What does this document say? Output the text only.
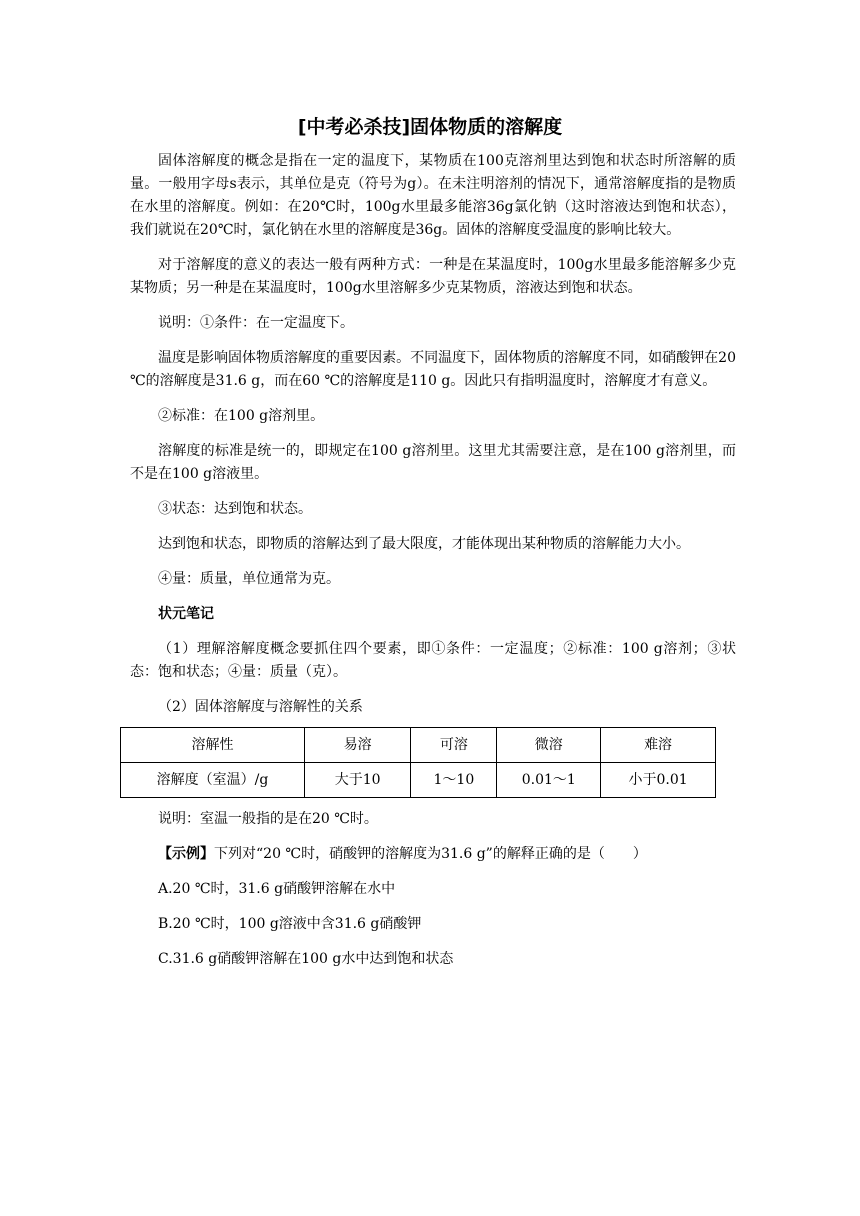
[中考必杀技]固体物质的溶解度

固体溶解度的概念是指在一定的温度下，某物质在100克溶剂里达到饱和状态时所溶解的质量。一般用字母s表示，其单位是克（符号为g）。在未注明溶剂的情况下，通常溶解度指的是物质在水里的溶解度。例如：在20℃时，100g水里最多能溶36g氯化钠（这时溶液达到饱和状态），我们就说在20℃时，氯化钠在水里的溶解度是36g。固体的溶解度受温度的影响比较大。

对于溶解度的意义的表达一般有两种方式：一种是在某温度时，100g水里最多能溶解多少克某物质；另一种是在某温度时，100g水里溶解多少克某物质，溶液达到饱和状态。

说明：①条件：在一定温度下。

温度是影响固体物质溶解度的重要因素。不同温度下，固体物质的溶解度不同，如硝酸钾在20 ℃的溶解度是31.6 g，而在60 ℃的溶解度是110 g。因此只有指明温度时，溶解度才有意义。

②标准：在100 g溶剂里。

溶解度的标准是统一的，即规定在100 g溶剂里。这里尤其需要注意，是在100 g溶剂里，而不是在100 g溶液里。

③状态：达到饱和状态。

达到饱和状态，即物质的溶解达到了最大限度，才能体现出某种物质的溶解能力大小。

④量：质量，单位通常为克。

状元笔记

（1）理解溶解度概念要抓住四个要素，即①条件：一定温度；②标准：100 g溶剂；③状态：饱和状态；④量：质量（克）。

（2）固体溶解度与溶解性的关系

溶解性	易溶	可溶	微溶	难溶
溶解度（室温）/g	大于10	1～10	0.01～1	小于0.01

说明：室温一般指的是在20 ℃时。

【示例】下列对“20 ℃时，硝酸钾的溶解度为31.6 g”的解释正确的是（　　）

A.20 ℃时，31.6 g硝酸钾溶解在水中

B.20 ℃时，100 g溶液中含31.6 g硝酸钾

C.31.6 g硝酸钾溶解在100 g水中达到饱和状态
